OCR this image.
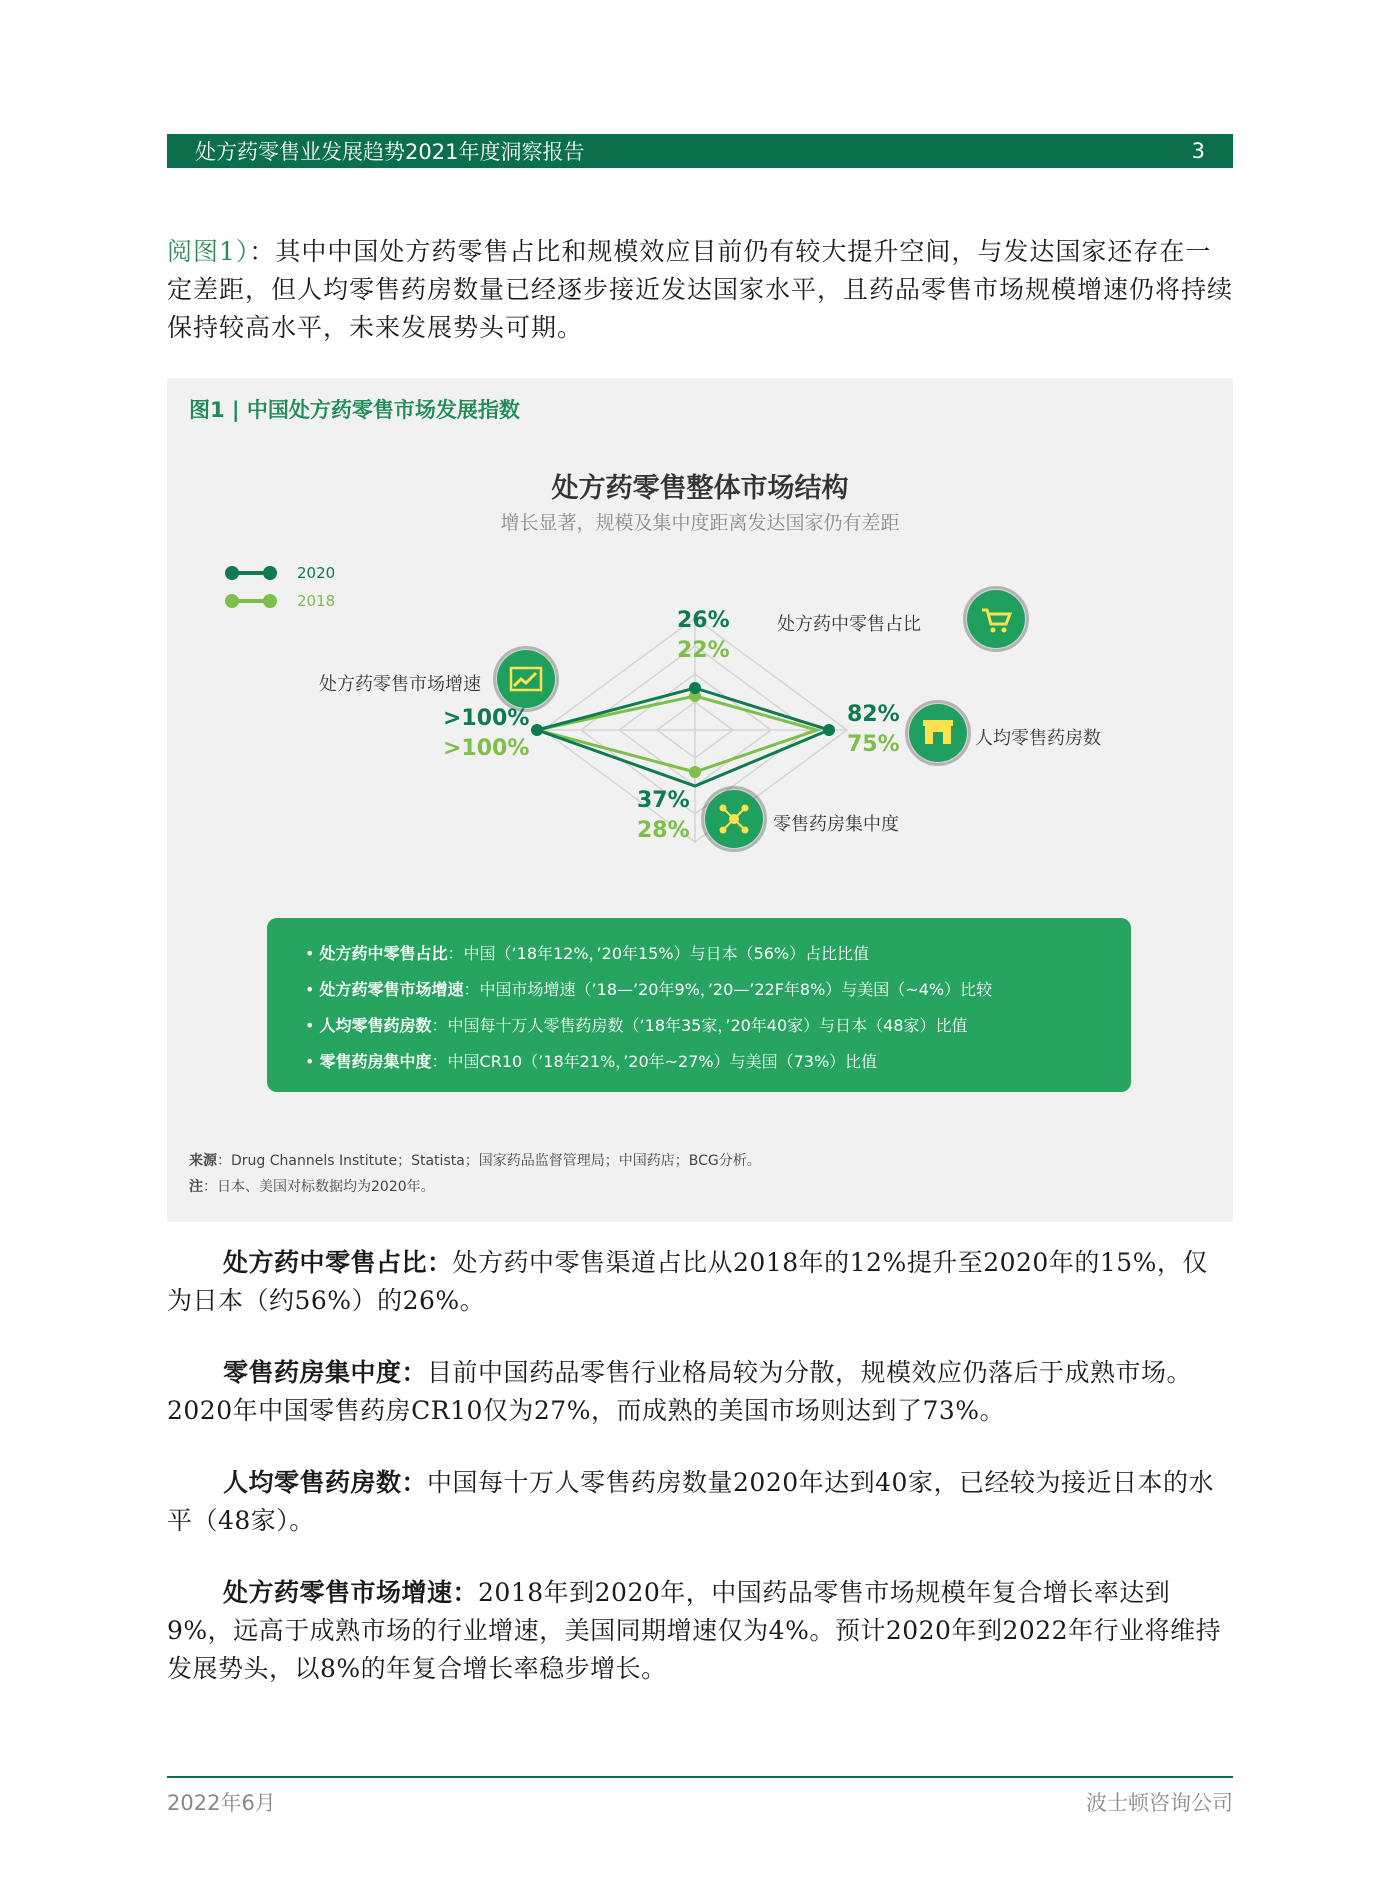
处方药零售业发展趋势2021年度洞察报告	3
阅图1）：其中中国处方药零售占比和规模效应目前仍有较大提升空间，与发达国家还存在一定差距，但人均零售药房数量已经逐步接近发达国家水平，且药品零售市场规模增速仍将持续保持较高水平，未来发展势头可期。
图1 | 中国处方药零售市场发展指数
处方药零售整体市场结构
增长显著，规模及集中度距离发达国家仍有差距
2020
2018
26%
22%
处方药中零售占比
处方药零售市场增速
>100%
>100%
82%
75%	人均零售药房数
37%
28%	零售药房集中度
• 处方药中零售占比：中国（’18年12%，’20年15%）与日本（56%）占比比值
• 处方药零售市场增速：中国市场增速（’18—’20年9%，’20—’22F年8%）与美国（~4%）比较
• 人均零售药房数：中国每十万人零售药房数（’18年35家，’20年40家）与日本（48家）比值
• 零售药房集中度：中国CR10（’18年21%，’20年~27%）与美国（73%）比值
来源：Drug Channels Institute；Statista；国家药品监督管理局；中国药店；BCG分析。
注：日本、美国对标数据均为2020年。
处方药中零售占比：处方药中零售渠道占比从2018年的12%提升至2020年的15%，仅为日本（约56%）的26%。
零售药房集中度：目前中国药品零售行业格局较为分散，规模效应仍落后于成熟市场。2020年中国零售药房CR10仅为27%，而成熟的美国市场则达到了73%。
人均零售药房数：中国每十万人零售药房数量2020年达到40家，已经较为接近日本的水平（48家）。
处方药零售市场增速：2018年到2020年，中国药品零售市场规模年复合增长率达到9%，远高于成熟市场的行业增速，美国同期增速仅为4%。预计2020年到2022年行业将维持发展势头，以8%的年复合增长率稳步增长。
2022年6月	波士顿咨询公司
